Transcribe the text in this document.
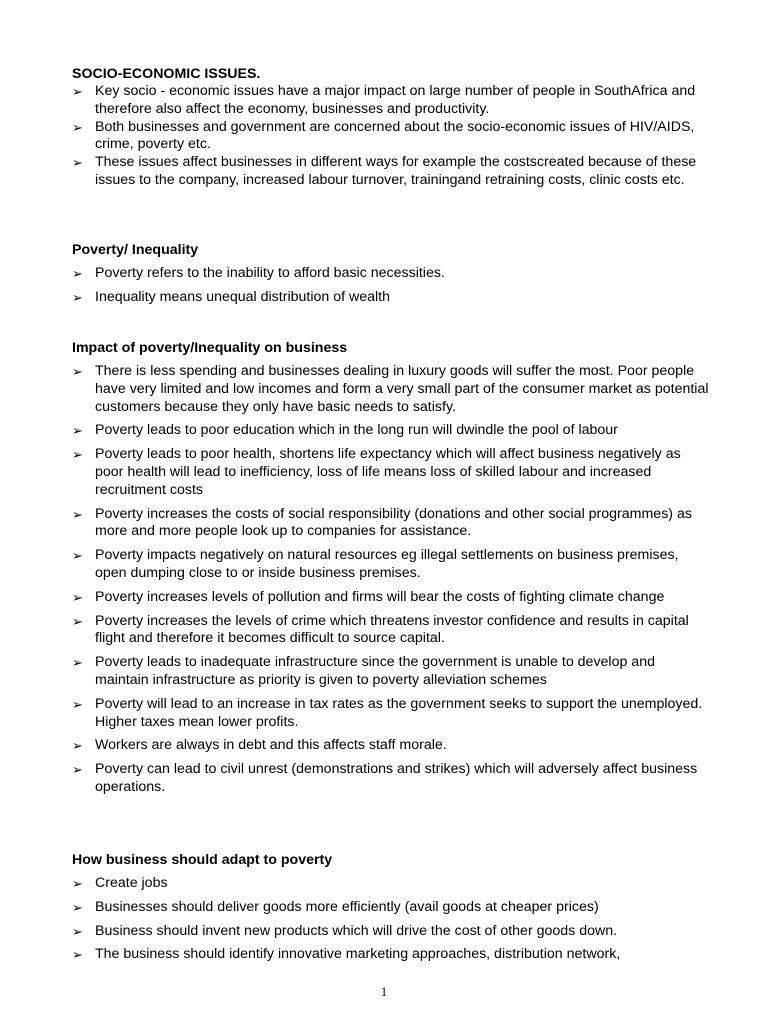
SOCIO-ECONOMIC ISSUES.
➢ Key socio - economic issues have a major impact on large number of people in SouthAfrica and therefore also affect the economy, businesses and productivity.
➢ Both businesses and government are concerned about the socio-economic issues of HIV/AIDS, crime, poverty etc.
➢ These issues affect businesses in different ways for example the costscreated because of these issues to the company, increased labour turnover, trainingand retraining costs, clinic costs etc.
Poverty/ Inequality
➢ Poverty refers to the inability to afford basic necessities.
➢ Inequality means unequal distribution of wealth
Impact of poverty/Inequality on business
➢ There is less spending and businesses dealing in luxury goods will suffer the most. Poor people have very limited and low incomes and form a very small part of the consumer market as potential customers because they only have basic needs to satisfy.
➢ Poverty leads to poor education which in the long run will dwindle the pool of labour
➢ Poverty leads to poor health, shortens life expectancy which will affect business negatively as poor health will lead to inefficiency, loss of life means loss of skilled labour and increased recruitment costs
➢ Poverty increases the costs of social responsibility (donations and other social programmes) as more and more people look up to companies for assistance.
➢ Poverty impacts negatively on natural resources eg illegal settlements on business premises, open dumping close to or inside business premises.
➢ Poverty increases levels of pollution and firms will bear the costs of fighting climate change
➢ Poverty increases the levels of crime which threatens investor confidence and results in capital flight and therefore it becomes difficult to source capital.
➢ Poverty leads to inadequate infrastructure since the government is unable to develop and maintain infrastructure as priority is given to poverty alleviation schemes
➢ Poverty will lead to an increase in tax rates as the government seeks to support the unemployed. Higher taxes mean lower profits.
➢ Workers are always in debt and this affects staff morale.
➢ Poverty can lead to civil unrest (demonstrations and strikes) which will adversely affect business operations.
How business should adapt to poverty
➢ Create jobs
➢ Businesses should deliver goods more efficiently (avail goods at cheaper prices)
➢ Business should invent new products which will drive the cost of other goods down.
➢ The business should identify innovative marketing approaches, distribution network,
1
